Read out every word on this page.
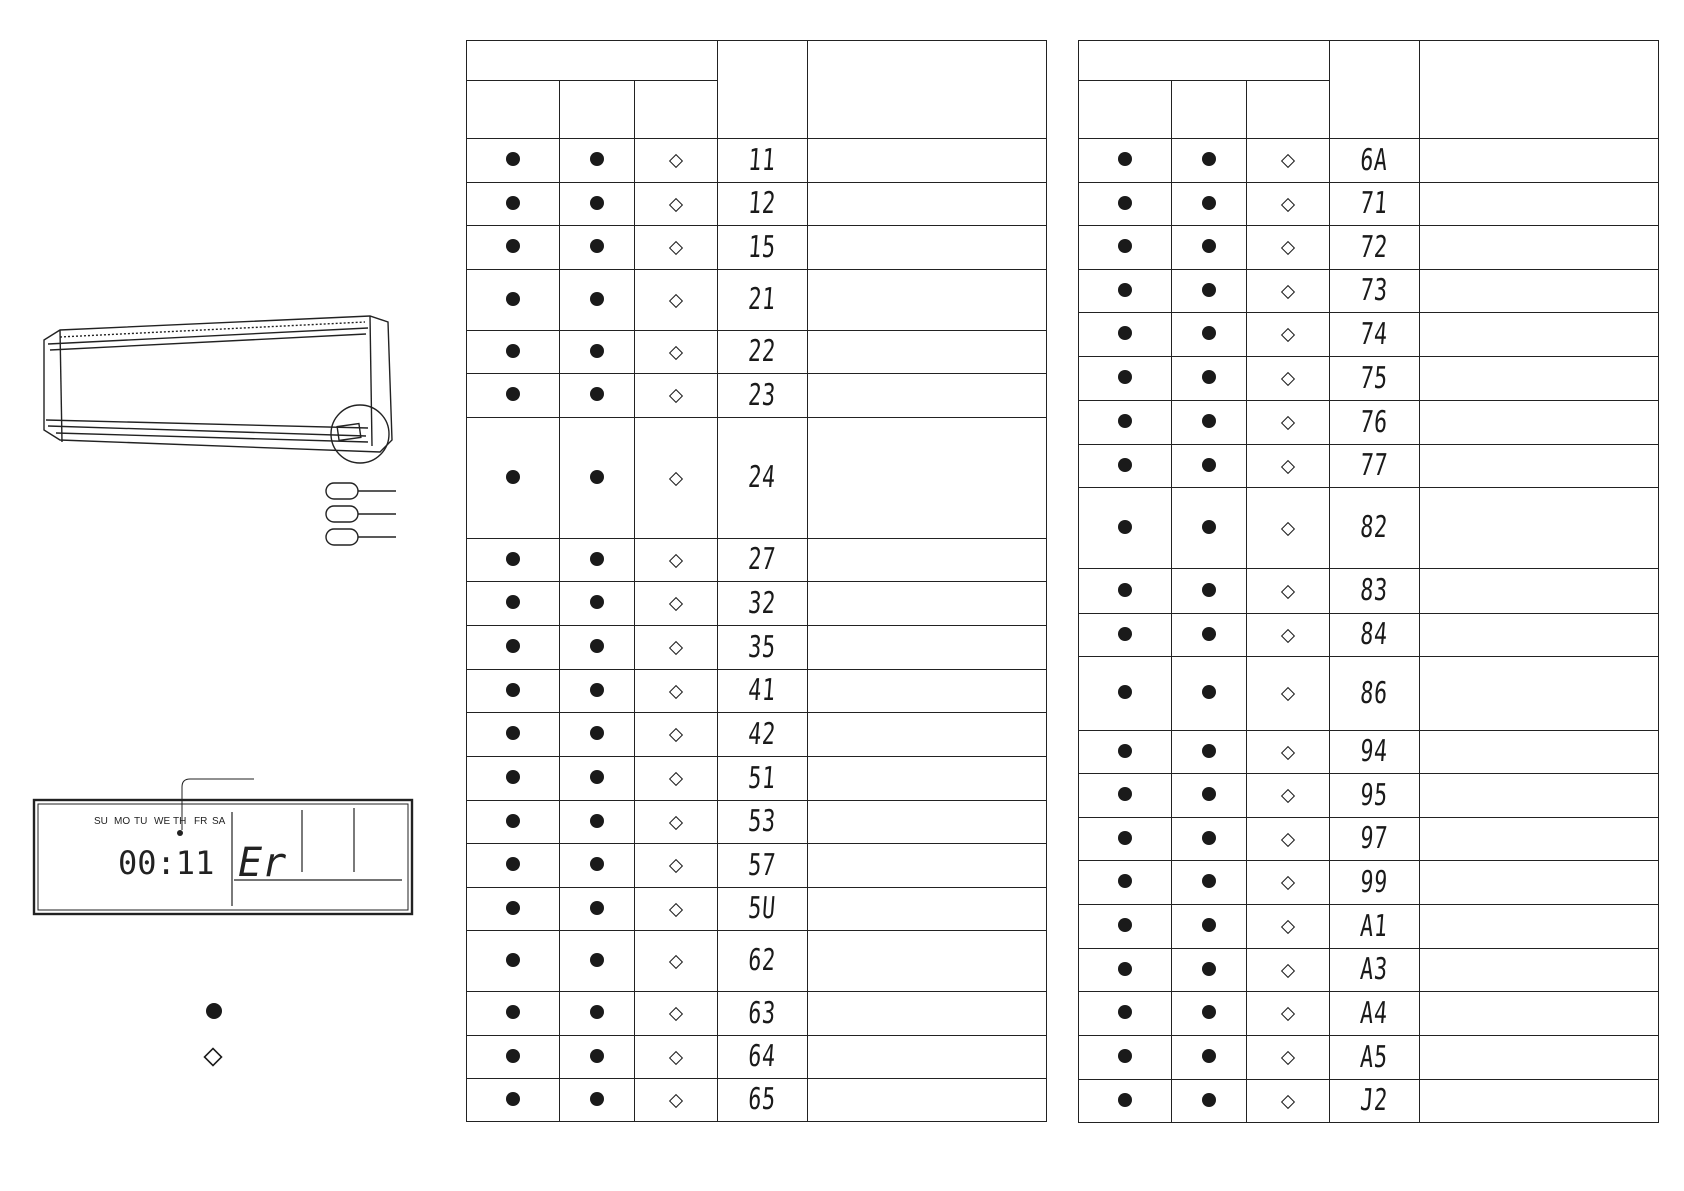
SU MO TU WE TH FR SA
00:11 Er

			11	
			12	
			15	
			21	
			22	
			23	
			24	
			27	
			32	
			35	
			41	
			42	
			51	
			53	
			57	
			5U	
			62	
			63	
			64	
			65	

			6A	
			71	
			72	
			73	
			74	
			75	
			76	
			77	
			82	
			83	
			84	
			86	
			94	
			95	
			97	
			99	
			A1	
			A3	
			A4	
			A5	
			J2	
